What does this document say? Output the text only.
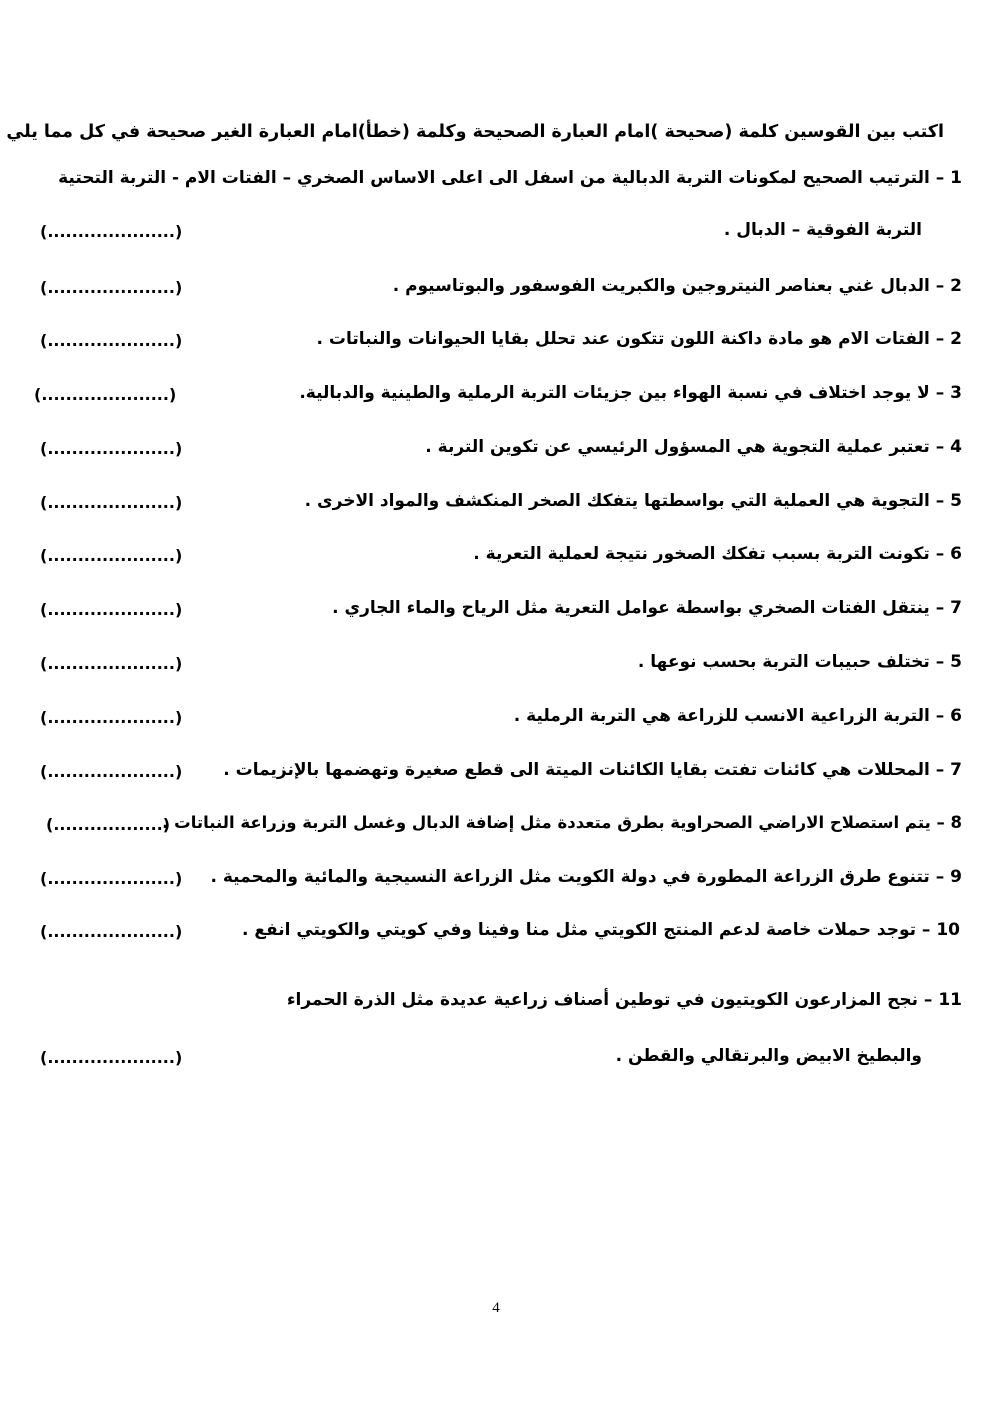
اكتب بين القوسين كلمة (صحيحة )امام العبارة الصحيحة وكلمة (خطأ)امام العبارة الغير صحيحة في كل مما يلي
1 – الترتيب الصحيح لمكونات التربة الدبالية من اسفل الى اعلى الاساس الصخري – الفتات الام - التربة التحتية
التربة الفوقية – الدبال .
(.....................)
2 – الدبال غني بعناصر النيتروجين والكبريت الفوسفور والبوتاسيوم .
(.....................)
2 – الفتات الام هو مادة داكنة اللون تتكون عند تحلل بقايا الحيوانات والنباتات .
(.....................)
3 – لا يوجد اختلاف في نسبة الهواء بين جزيئات التربة الرملية والطينية والدبالية.
(.....................)
4 – تعتبر عملية التجوية هي المسؤول الرئيسي عن تكوين التربة .
(.....................)
5 – التجوية هي العملية التي بواسطتها يتفكك الصخر المنكشف والمواد الاخرى .
(.....................)
6 – تكونت التربة بسبب تفكك الصخور نتيجة لعملية التعرية .
(.....................)
7 – ينتقل الفتات الصخري بواسطة عوامل التعرية مثل الرياح والماء الجاري .
(.....................)
5 – تختلف حبيبات التربة بحسب نوعها .
(.....................)
6 – التربة الزراعية الانسب للزراعة هي التربة الرملية .
(.....................)
7 – المحللات هي كائنات تفتت بقايا الكائنات الميتة الى قطع صغيرة وتهضمها بالإنزيمات .
(.....................)
8 – يتم استصلاح الاراضي الصحراوية بطرق متعددة مثل إضافة الدبال وغسل التربة وزراعة النباتات .
(..................)
9 – تتنوع طرق الزراعة المطورة في دولة الكويت مثل الزراعة النسيجية والمائية والمحمية .
(.....................)
10 – توجد حملات خاصة لدعم المنتج الكويتي مثل منا وفينا وفي كويتي والكويتي انفع .
(.....................)
11 – نجح المزارعون الكويتيون في توطين أصناف زراعية عديدة مثل الذرة الحمراء
والبطيخ الابيض والبرتقالي والقطن .
(.....................)
4
